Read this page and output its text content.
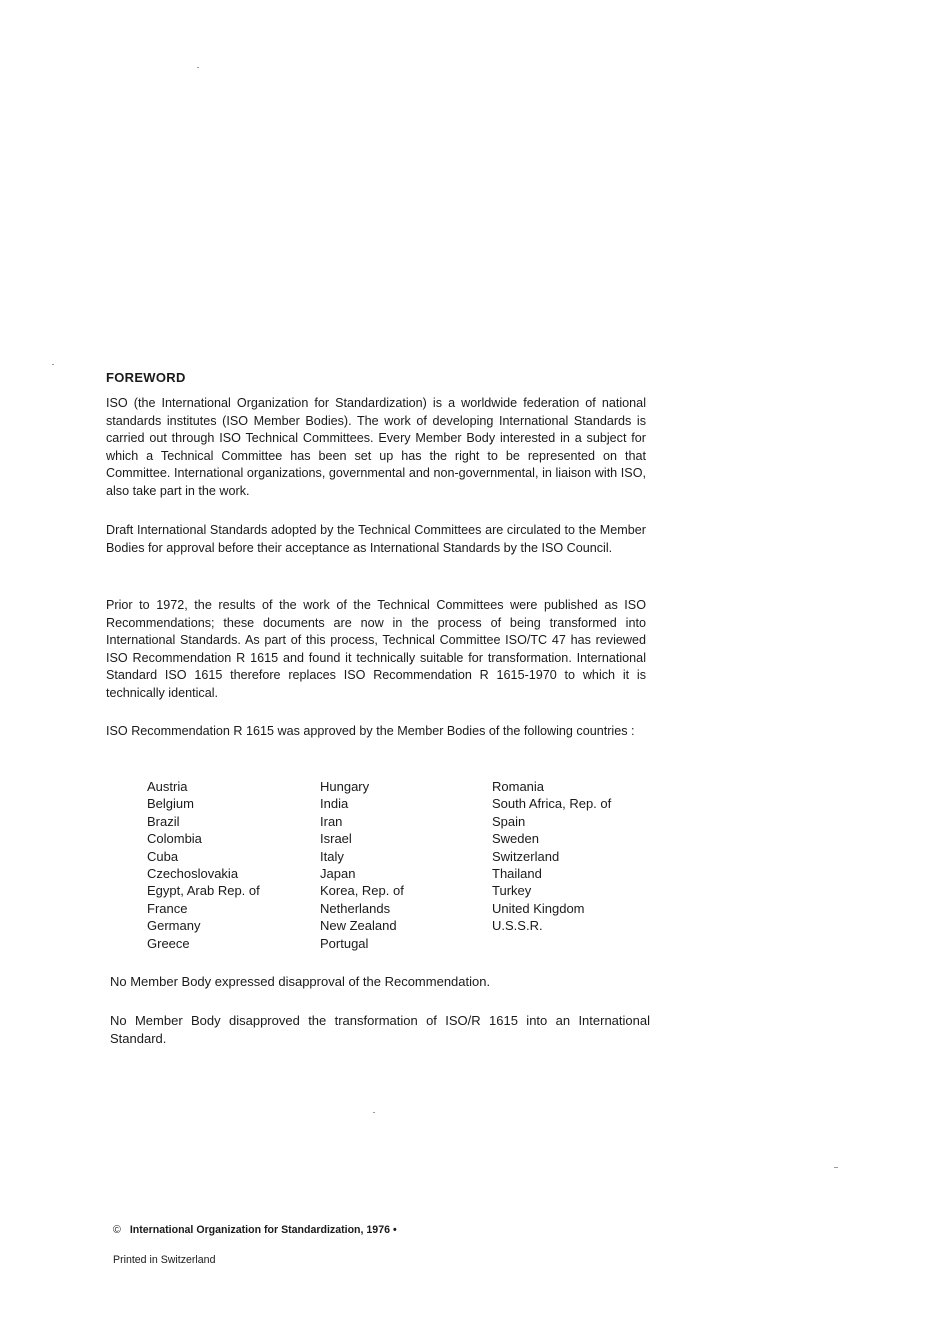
FOREWORD

ISO (the International Organization for Standardization) is a worldwide federation of national standards institutes (ISO Member Bodies). The work of developing International Standards is carried out through ISO Technical Committees. Every Member Body interested in a subject for which a Technical Committee has been set up has the right to be represented on that Committee. International organizations, governmental and non-governmental, in liaison with ISO, also take part in the work.

Draft International Standards adopted by the Technical Committees are circulated to the Member Bodies for approval before their acceptance as International Standards by the ISO Council.

Prior to 1972, the results of the work of the Technical Committees were published as ISO Recommendations; these documents are now in the process of being transformed into International Standards. As part of this process, Technical Committee ISO/TC 47 has reviewed ISO Recommendation R 1615 and found it technically suitable for transformation. International Standard ISO 1615 therefore replaces ISO Recommendation R 1615-1970 to which it is technically identical.

ISO Recommendation R 1615 was approved by the Member Bodies of the following countries :

Austria
Belgium
Brazil
Colombia
Cuba
Czechoslovakia
Egypt, Arab Rep. of
France
Germany
Greece
Hungary
India
Iran
Israel
Italy
Japan
Korea, Rep. of
Netherlands
New Zealand
Portugal
Romania
South Africa, Rep. of
Spain
Sweden
Switzerland
Thailand
Turkey
United Kingdom
U.S.S.R.

No Member Body expressed disapproval of the Recommendation.

No Member Body disapproved the transformation of ISO/R 1615 into an International Standard.

© International Organization for Standardization, 1976 •

Printed in Switzerland
